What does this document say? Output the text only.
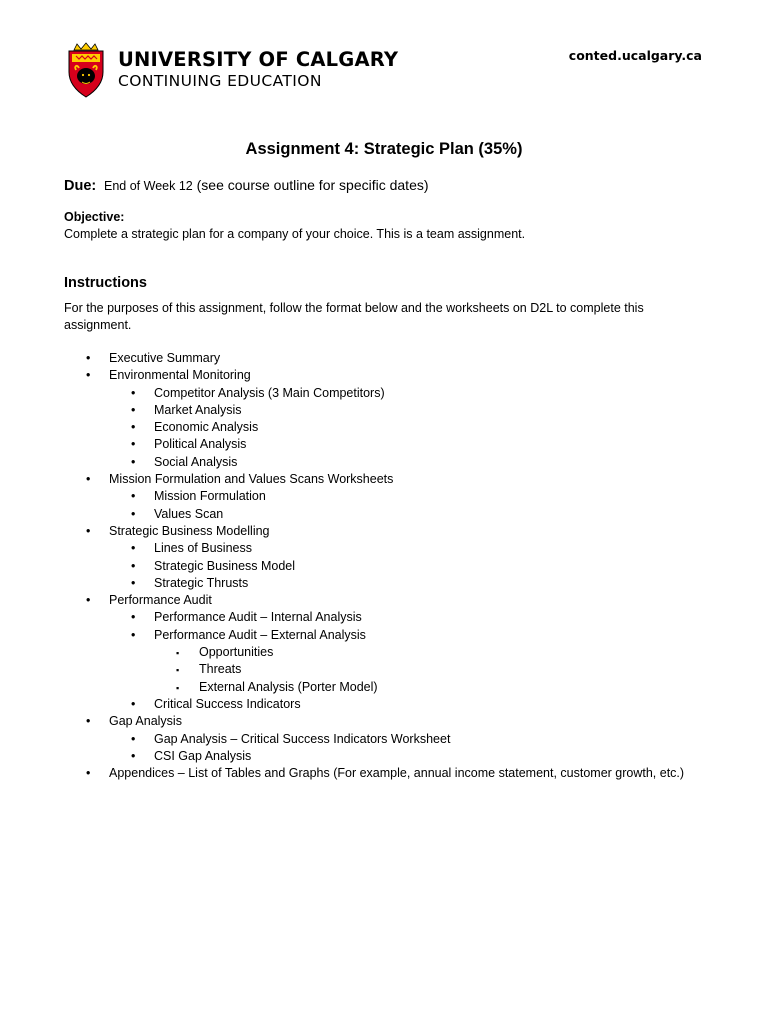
UNIVERSITY OF CALGARY
CONTINUING EDUCATION
conted.ucalgary.ca
Assignment 4: Strategic Plan (35%)
Due: End of Week 12 (see course outline for specific dates)
Objective:
Complete a strategic plan for a company of your choice. This is a team assignment.
Instructions
For the purposes of this assignment, follow the format below and the worksheets on D2L to complete this assignment.
• Executive Summary
• Environmental Monitoring
• Competitor Analysis (3 Main Competitors)
• Market Analysis
• Economic Analysis
• Political Analysis
• Social Analysis
• Mission Formulation and Values Scans Worksheets
• Mission Formulation
• Values Scan
• Strategic Business Modelling
• Lines of Business
• Strategic Business Model
• Strategic Thrusts
• Performance Audit
• Performance Audit – Internal Analysis
• Performance Audit – External Analysis
▪ Opportunities
▪ Threats
▪ External Analysis (Porter Model)
• Critical Success Indicators
• Gap Analysis
• Gap Analysis – Critical Success Indicators Worksheet
• CSI Gap Analysis
• Appendices – List of Tables and Graphs (For example, annual income statement, customer growth, etc.)
